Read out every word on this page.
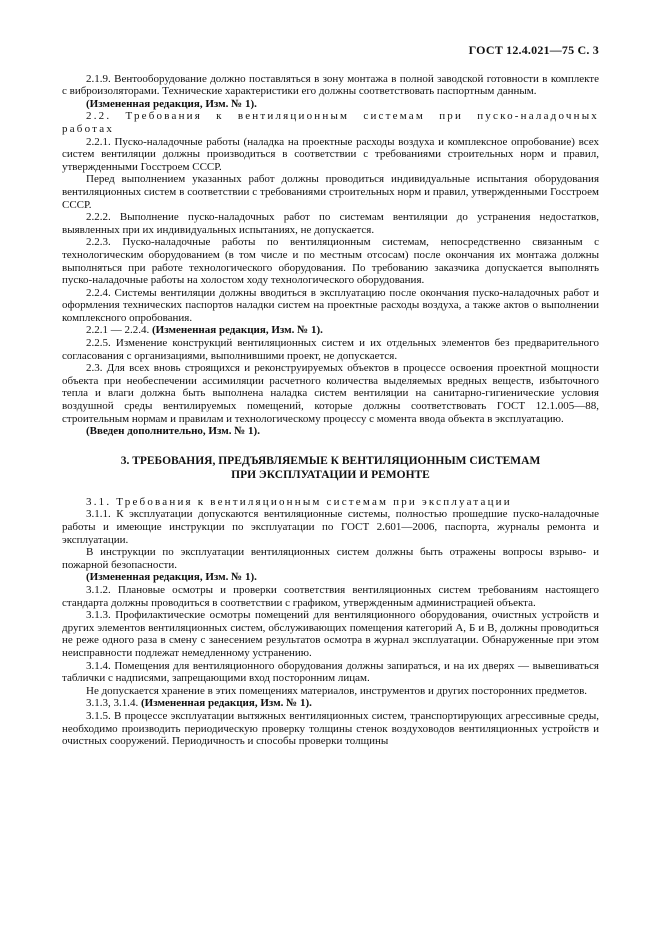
ГОСТ 12.4.021—75 С. 3

2.1.9. Вентооборудование должно поставляться в зону монтажа в полной заводской готовности в комплекте с виброизоляторами. Технические характеристики его должны соответствовать паспортным данным.

(Измененная редакция, Изм. № 1).

2.2. Требования к вентиляционным системам при пуско-наладочных работах

2.2.1. Пуско-наладочные работы (наладка на проектные расходы воздуха и комплексное опробование) всех систем вентиляции должны производиться в соответствии с требованиями строительных норм и правил, утвержденными Госстроем СССР.

Перед выполнением указанных работ должны проводиться индивидуальные испытания оборудования вентиляционных систем в соответствии с требованиями строительных норм и правил, утвержденными Госстроем СССР.

2.2.2. Выполнение пуско-наладочных работ по системам вентиляции до устранения недостатков, выявленных при их индивидуальных испытаниях, не допускается.

2.2.3. Пуско-наладочные работы по вентиляционным системам, непосредственно связанным с технологическим оборудованием (в том числе и по местным отсосам) после окончания их монтажа должны выполняться при работе технологического оборудования. По требованию заказчика допускается выполнять пуско-наладочные работы на холостом ходу технологического оборудования.

2.2.4. Системы вентиляции должны вводиться в эксплуатацию после окончания пуско-наладочных работ и оформления технических паспортов наладки систем на проектные расходы воздуха, а также актов о выполнении комплексного опробования.

2.2.1 — 2.2.4. (Измененная редакция, Изм. № 1).

2.2.5. Изменение конструкций вентиляционных систем и их отдельных элементов без предварительного согласования с организациями, выполнившими проект, не допускается.

2.3. Для всех вновь строящихся и реконструируемых объектов в процессе освоения проектной мощности объекта при необеспечении ассимиляции расчетного количества выделяемых вредных веществ, избыточного тепла и влаги должна быть выполнена наладка систем вентиляции на санитарно-гигиенические условия воздушной среды вентилируемых помещений, которые должны соответствовать ГОСТ 12.1.005—88, строительным нормам и правилам и технологическому процессу с момента ввода объекта в эксплуатацию.

(Введен дополнительно, Изм. № 1).

3. ТРЕБОВАНИЯ, ПРЕДЪЯВЛЯЕМЫЕ К ВЕНТИЛЯЦИОННЫМ СИСТЕМАМ
ПРИ ЭКСПЛУАТАЦИИ И РЕМОНТЕ

3.1. Требования к вентиляционным системам при эксплуатации

3.1.1. К эксплуатации допускаются вентиляционные системы, полностью прошедшие пуско-наладочные работы и имеющие инструкции по эксплуатации по ГОСТ 2.601—2006, паспорта, журналы ремонта и эксплуатации.

В инструкции по эксплуатации вентиляционных систем должны быть отражены вопросы взрыво- и пожарной безопасности.

(Измененная редакция, Изм. № 1).

3.1.2. Плановые осмотры и проверки соответствия вентиляционных систем требованиям настоящего стандарта должны проводиться в соответствии с графиком, утвержденным администрацией объекта.

3.1.3. Профилактические осмотры помещений для вентиляционного оборудования, очистных устройств и других элементов вентиляционных систем, обслуживающих помещения категорий А, Б и В, должны проводиться не реже одного раза в смену с занесением результатов осмотра в журнал эксплуатации. Обнаруженные при этом неисправности подлежат немедленному устранению.

3.1.4. Помещения для вентиляционного оборудования должны запираться, и на их дверях — вывешиваться таблички с надписями, запрещающими вход посторонним лицам.

Не допускается хранение в этих помещениях материалов, инструментов и других посторонних предметов.

3.1.3, 3.1.4. (Измененная редакция, Изм. № 1).

3.1.5. В процессе эксплуатации вытяжных вентиляционных систем, транспортирующих агрессивные среды, необходимо производить периодическую проверку толщины стенок воздуховодов вентиляционных устройств и очистных сооружений. Периодичность и способы проверки толщины
